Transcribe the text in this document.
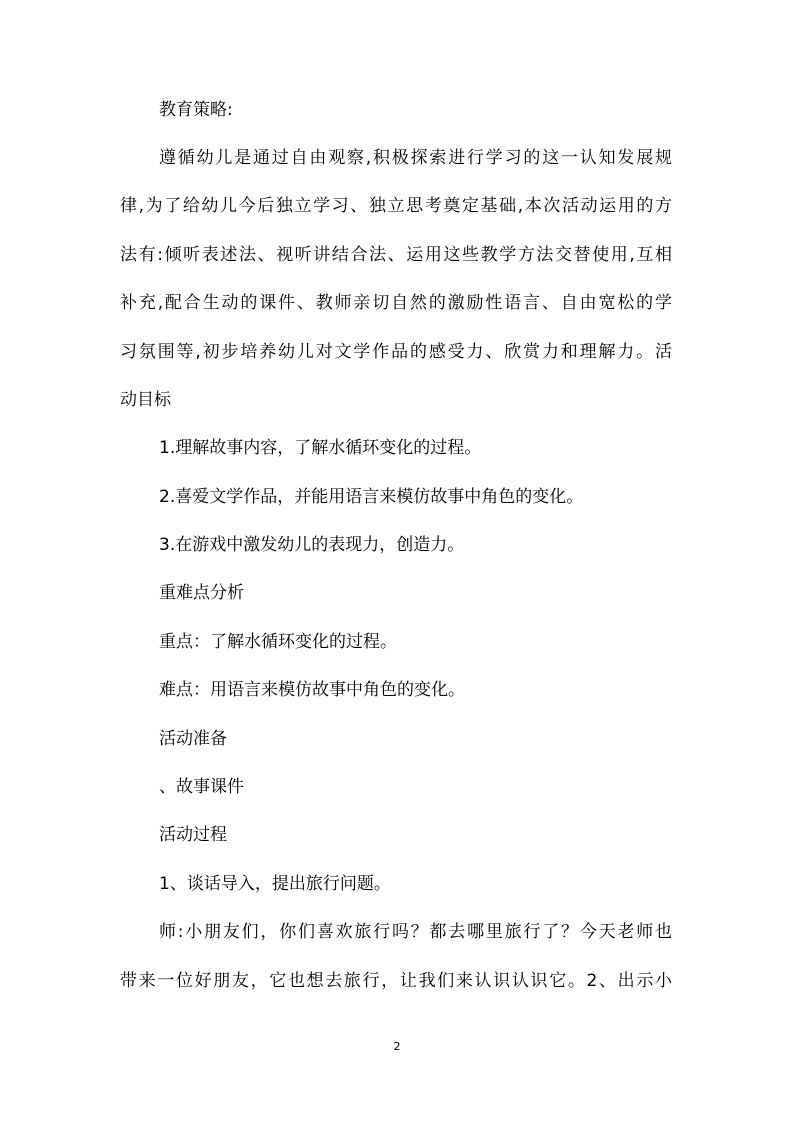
教育策略:
遵循幼儿是通过自由观察,积极探索进行学习的这一认知发展规
律,为了给幼儿今后独立学习、独立思考奠定基础,本次活动运用的方
法有:倾听表述法、视听讲结合法、运用这些教学方法交替使用,互相
补充,配合生动的课件、教师亲切自然的激励性语言、自由宽松的学
习氛围等,初步培养幼儿对文学作品的感受力、欣赏力和理解力。活
动目标
1.理解故事内容，了解水循环变化的过程。
2.喜爱文学作品，并能用语言来模仿故事中角色的变化。
3.在游戏中激发幼儿的表现力，创造力。
重难点分析
重点：了解水循环变化的过程。
难点：用语言来模仿故事中角色的变化。
活动准备
、故事课件
活动过程
1、谈话导入，提出旅行问题。
师:小朋友们，你们喜欢旅行吗？都去哪里旅行了？今天老师也
带来一位好朋友，它也想去旅行，让我们来认识认识它。2、出示小
2
